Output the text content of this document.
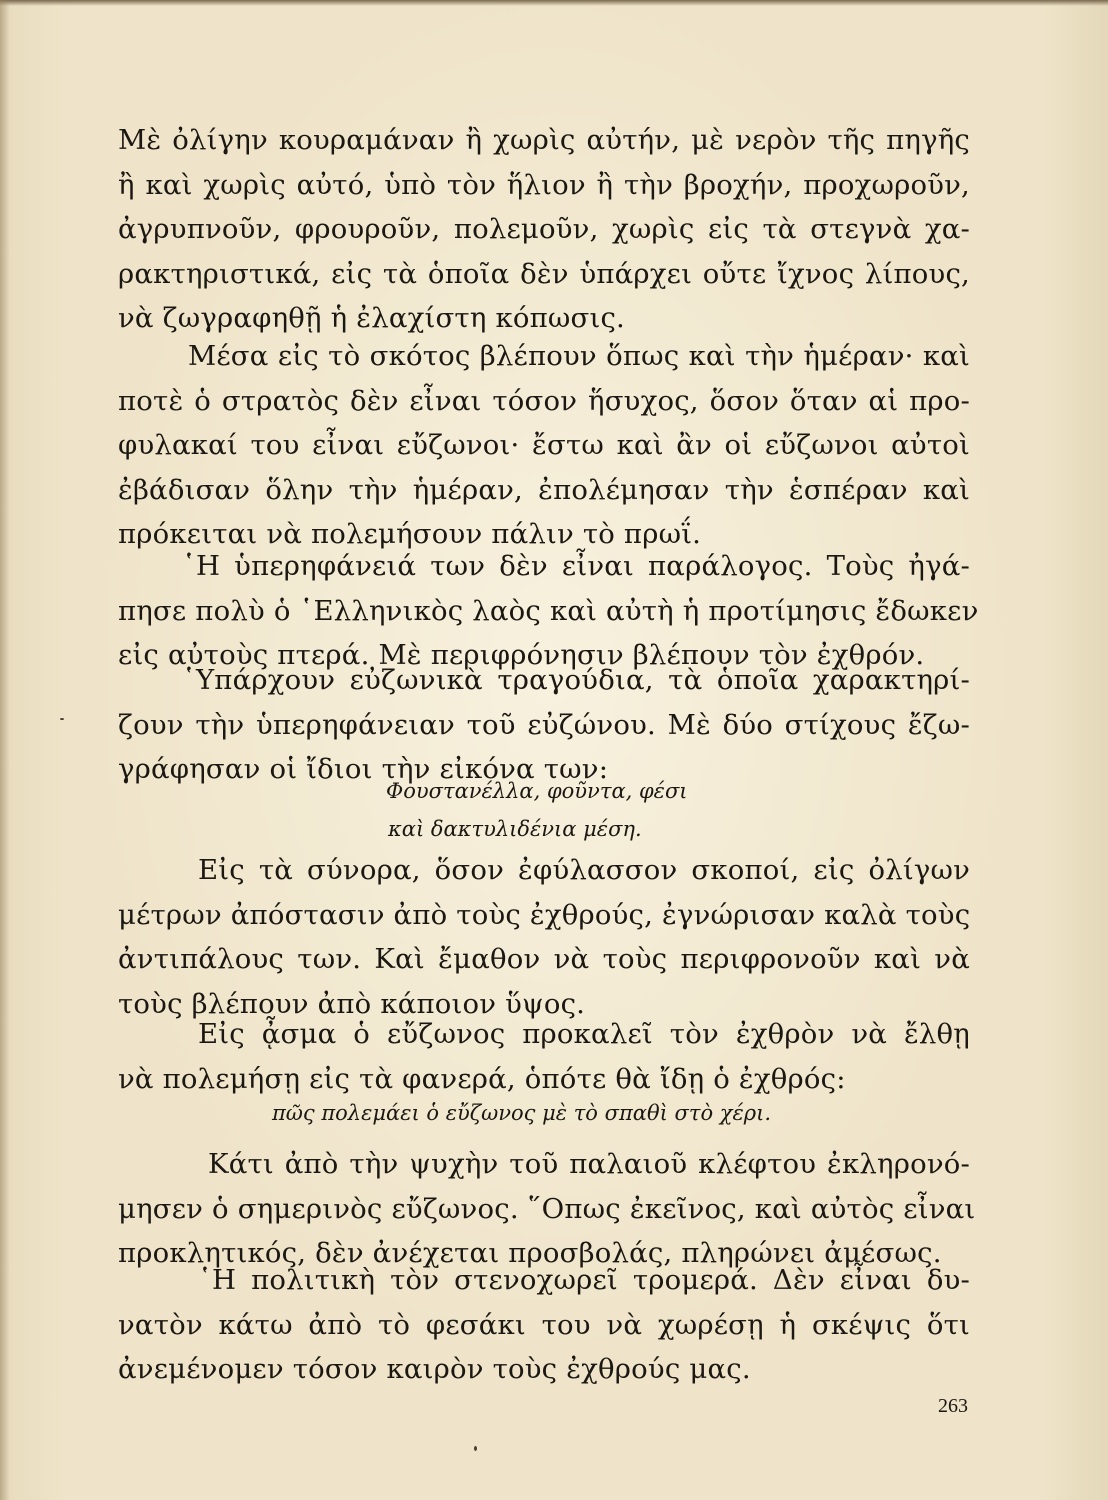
Μὲ ὀλίγην κουραμάναν ἢ χωρὶς αὐτήν, μὲ νερὸν τῆς πηγῆς
ἢ καὶ χωρὶς αὐτό, ὑπὸ τὸν ἥλιον ἢ τὴν βροχήν, προχωροῦν,
ἀγρυπνοῦν, φρουροῦν, πολεμοῦν, χωρὶς εἰς τὰ στεγνὰ χα-
ρακτηριστικά, εἰς τὰ ὁποῖα δὲν ὑπάρχει οὔτε ἴχνος λίπους,
νὰ ζωγραφηθῇ ἡ ἐλαχίστη κόπωσις.
Μέσα εἰς τὸ σκότος βλέπουν ὅπως καὶ τὴν ἡμέραν· καὶ
ποτὲ ὁ στρατὸς δὲν εἶναι τόσον ἥσυχος, ὅσον ὅταν αἱ προ-
φυλακαί του εἶναι εὔζωνοι· ἔστω καὶ ἂν οἱ εὔζωνοι αὐτοὶ
ἐβάδισαν ὅλην τὴν ἡμέραν, ἐπολέμησαν τὴν ἑσπέραν καὶ
πρόκειται νὰ πολεμήσουν πάλιν τὸ πρωΐ.
῾Η ὑπερηφάνειά των δὲν εἶναι παράλογος. Τοὺς ἠγά-
πησε πολὺ ὁ ῾Ελληνικὸς λαὸς καὶ αὐτὴ ἡ προτίμησις ἔδωκεν
εἰς αὐτοὺς πτερά. Μὲ περιφρόνησιν βλέπουν τὸν ἐχθρόν.
῾Υπάρχουν εὐζωνικὰ τραγούδια, τὰ ὁποῖα χαρακτηρί-
ζουν τὴν ὑπερηφάνειαν τοῦ εὐζώνου. Μὲ δύο στίχους ἔζω-
γράφησαν οἱ ἴδιοι τὴν εἰκόνα των:
Φουστανέλλα, φοῦντα, φέσι
καὶ δακτυλιδένια μέση.
Εἰς τὰ σύνορα, ὅσον ἐφύλασσον σκοποί, εἰς ὀλίγων
μέτρων ἀπόστασιν ἀπὸ τοὺς ἐχθρούς, ἐγνώρισαν καλὰ τοὺς
ἀντιπάλους των. Καὶ ἔμαθον νὰ τοὺς περιφρονοῦν καὶ νὰ
τοὺς βλέπουν ἀπὸ κάποιον ὕψος.
Εἰς ᾆσμα ὁ εὔζωνος προκαλεῖ τὸν ἐχθρὸν νὰ ἔλθῃ
νὰ πολεμήσῃ εἰς τὰ φανερά, ὁπότε θὰ ἴδῃ ὁ ἐχθρός:
πῶς πολεμάει ὁ εὔζωνος μὲ τὸ σπαθὶ στὸ χέρι.
Κάτι ἀπὸ τὴν ψυχὴν τοῦ παλαιοῦ κλέφτου ἐκληρονό-
μησεν ὁ σημερινὸς εὔζωνος. ῞Οπως ἐκεῖνος, καὶ αὐτὸς εἶναι
προκλητικός, δὲν ἀνέχεται προσβολάς, πληρώνει ἀμέσως.
῾Η πολιτικὴ τὸν στενοχωρεῖ τρομερά. Δὲν εἶναι δυ-
νατὸν κάτω ἀπὸ τὸ φεσάκι του νὰ χωρέσῃ ἡ σκέψις ὅτι
ἀνεμένομεν τόσον καιρὸν τοὺς ἐχθρούς μας.
263
